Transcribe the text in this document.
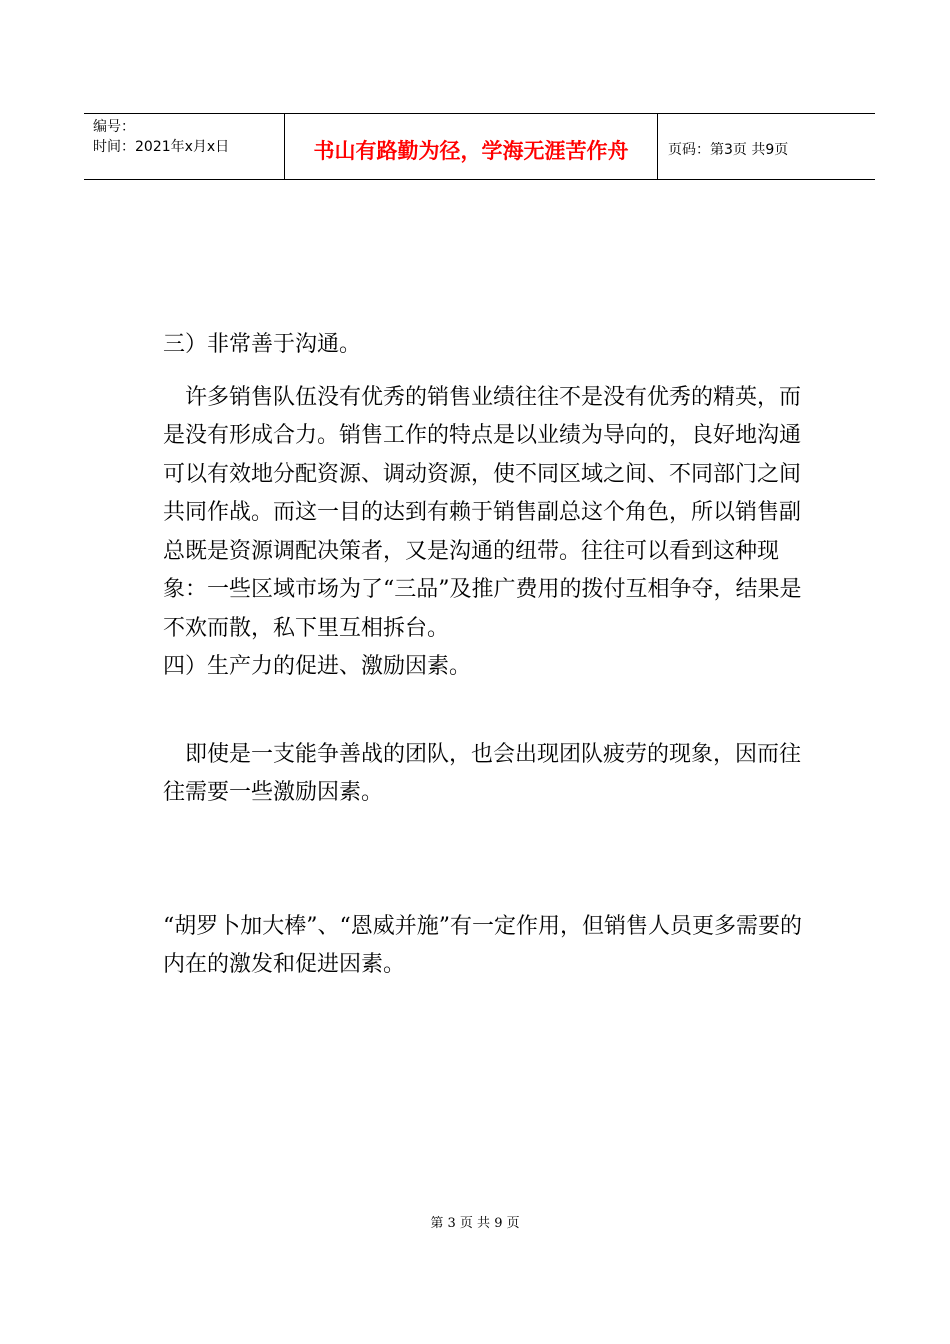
编号：
时间：2021年x月x日	书山有路勤为径，学海无涯苦作舟	页码：第3页 共9页

三）非常善于沟通。

许多销售队伍没有优秀的销售业绩往往不是没有优秀的精英，而是没有形成合力。销售工作的特点是以业绩为导向的，良好地沟通可以有效地分配资源、调动资源，使不同区域之间、不同部门之间共同作战。而这一目的达到有赖于销售副总这个角色，所以销售副总既是资源调配决策者，又是沟通的纽带。往往可以看到这种现象：一些区域市场为了“三品”及推广费用的拨付互相争夺，结果是不欢而散，私下里互相拆台。

四）生产力的促进、激励因素。

即使是一支能争善战的团队，也会出现团队疲劳的现象，因而往往需要一些激励因素。

“胡罗卜加大棒”、“恩威并施”有一定作用，但销售人员更多需要的内在的激发和促进因素。

第 3 页 共 9 页
